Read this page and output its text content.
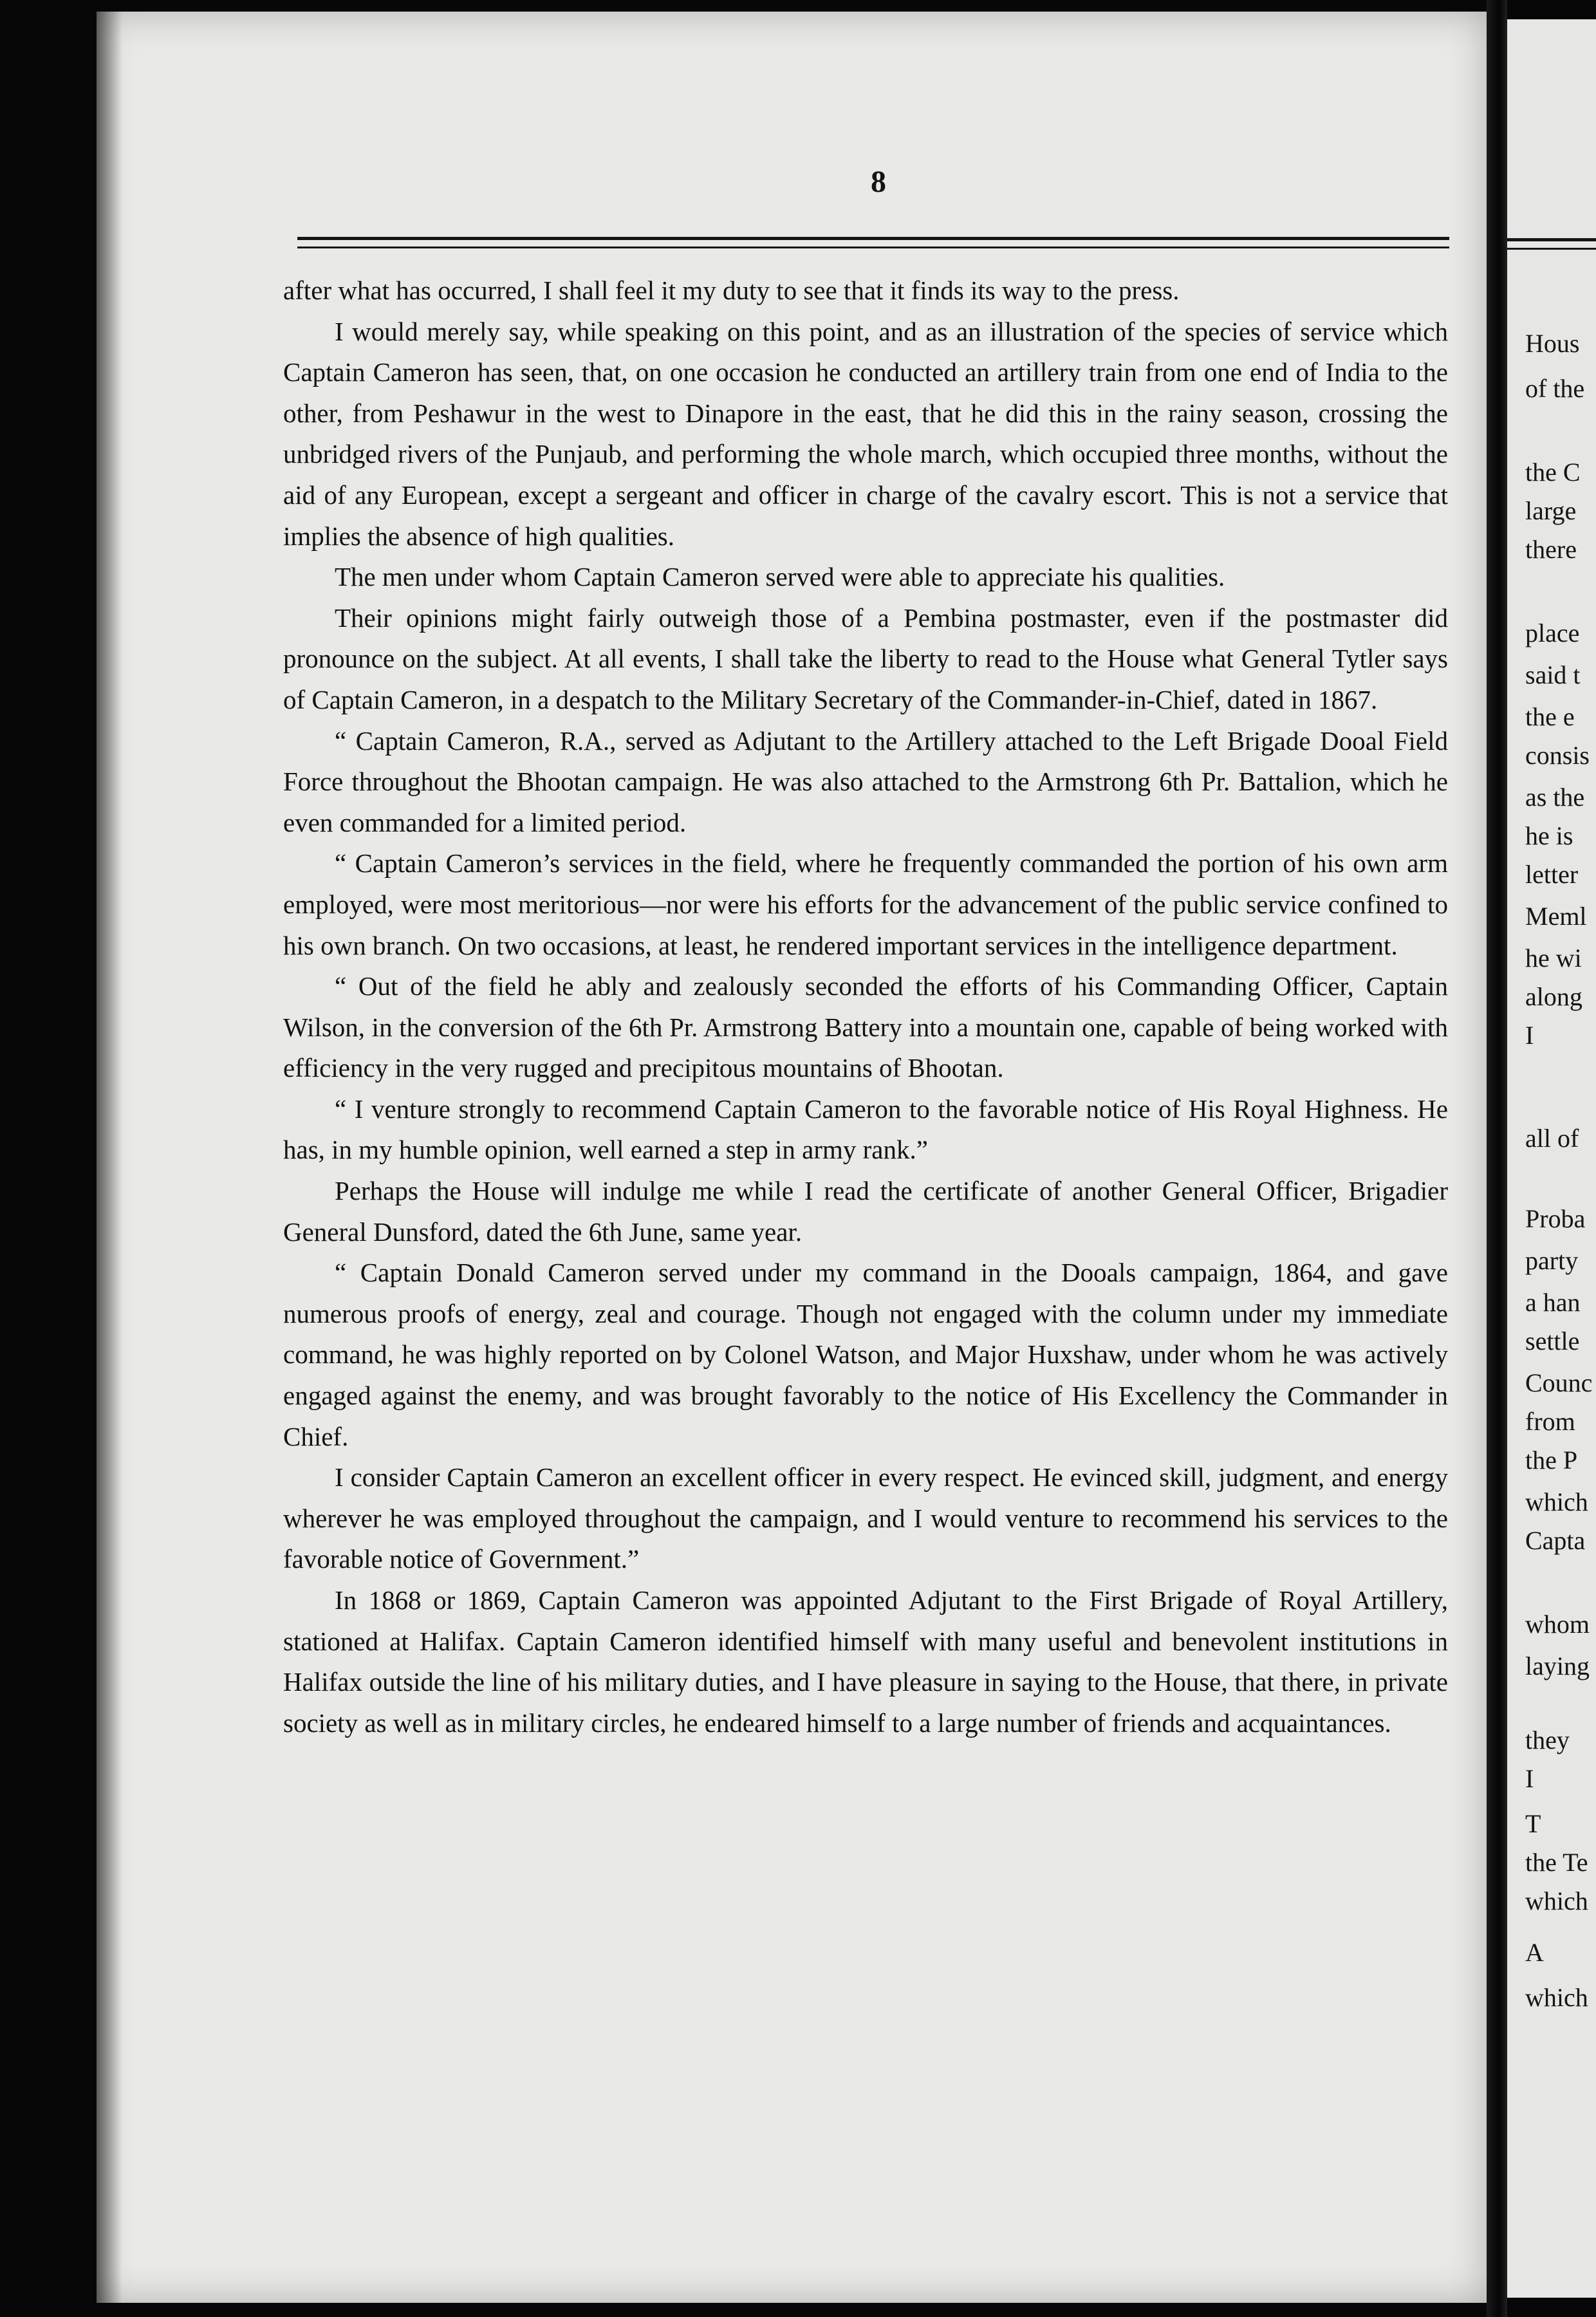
8

after what has occurred, I shall feel it my duty to see that it finds its way to the press.

I would merely say, while speaking on this point, and as an illustration of the species of service which Captain Cameron has seen, that, on one occasion he conducted an artillery train from one end of India to the other, from Peshawur in the west to Dinapore in the east, that he did this in the rainy season, crossing the unbridged rivers of the Punjaub, and performing the whole march, which occupied three months, without the aid of any European, except a sergeant and officer in charge of the cavalry escort. This is not a service that implies the absence of high qualities.

The men under whom Captain Cameron served were able to appreciate his qualities.

Their opinions might fairly outweigh those of a Pembina postmaster, even if the postmaster did pronounce on the subject. At all events, I shall take the liberty to read to the House what General Tytler says of Captain Cameron, in a despatch to the Military Secretary of the Commander-in-Chief, dated in 1867.

“ Captain Cameron, R.A., served as Adjutant to the Artillery attached to the Left Brigade Dooal Field Force throughout the Bhootan campaign. He was also attached to the Armstrong 6th Pr. Battalion, which he even commanded for a limited period.

“ Captain Cameron’s services in the field, where he frequently commanded the portion of his own arm employed, were most meritorious—nor were his efforts for the advancement of the public service confined to his own branch. On two occasions, at least, he rendered important services in the intelligence department.

“ Out of the field he ably and zealously seconded the efforts of his Commanding Officer, Captain Wilson, in the conversion of the 6th Pr. Armstrong Battery into a mountain one, capable of being worked with efficiency in the very rugged and precipitous mountains of Bhootan.

“ I venture strongly to recommend Captain Cameron to the favorable notice of His Royal Highness. He has, in my humble opinion, well earned a step in army rank.”

Perhaps the House will indulge me while I read the certificate of another General Officer, Brigadier General Dunsford, dated the 6th June, same year.

“ Captain Donald Cameron served under my command in the Dooals campaign, 1864, and gave numerous proofs of energy, zeal and courage. Though not engaged with the column under my immediate command, he was highly reported on by Colonel Watson, and Major Huxshaw, under whom he was actively engaged against the enemy, and was brought favorably to the notice of His Excellency the Commander in Chief.

I consider Captain Cameron an excellent officer in every respect. He evinced skill, judgment, and energy wherever he was employed throughout the campaign, and I would venture to recommend his services to the favorable notice of Government.”

In 1868 or 1869, Captain Cameron was appointed Adjutant to the First Brigade of Royal Artillery, stationed at Halifax. Captain Cameron identified himself with many useful and benevolent institutions in Halifax outside the line of his military duties, and I have pleasure in saying to the House, that there, in private society as well as in military circles, he endeared himself to a large number of friends and acquaintances.

Hous
of the
the C
large
there
place
said t
the e
consis
as the
he is
letter
Meml
he wi
along
I
all of
Proba
party
a han
settle
Counc
from
the P
which
Capta
whom
laying
they
I
T
the Te
which
A
which
